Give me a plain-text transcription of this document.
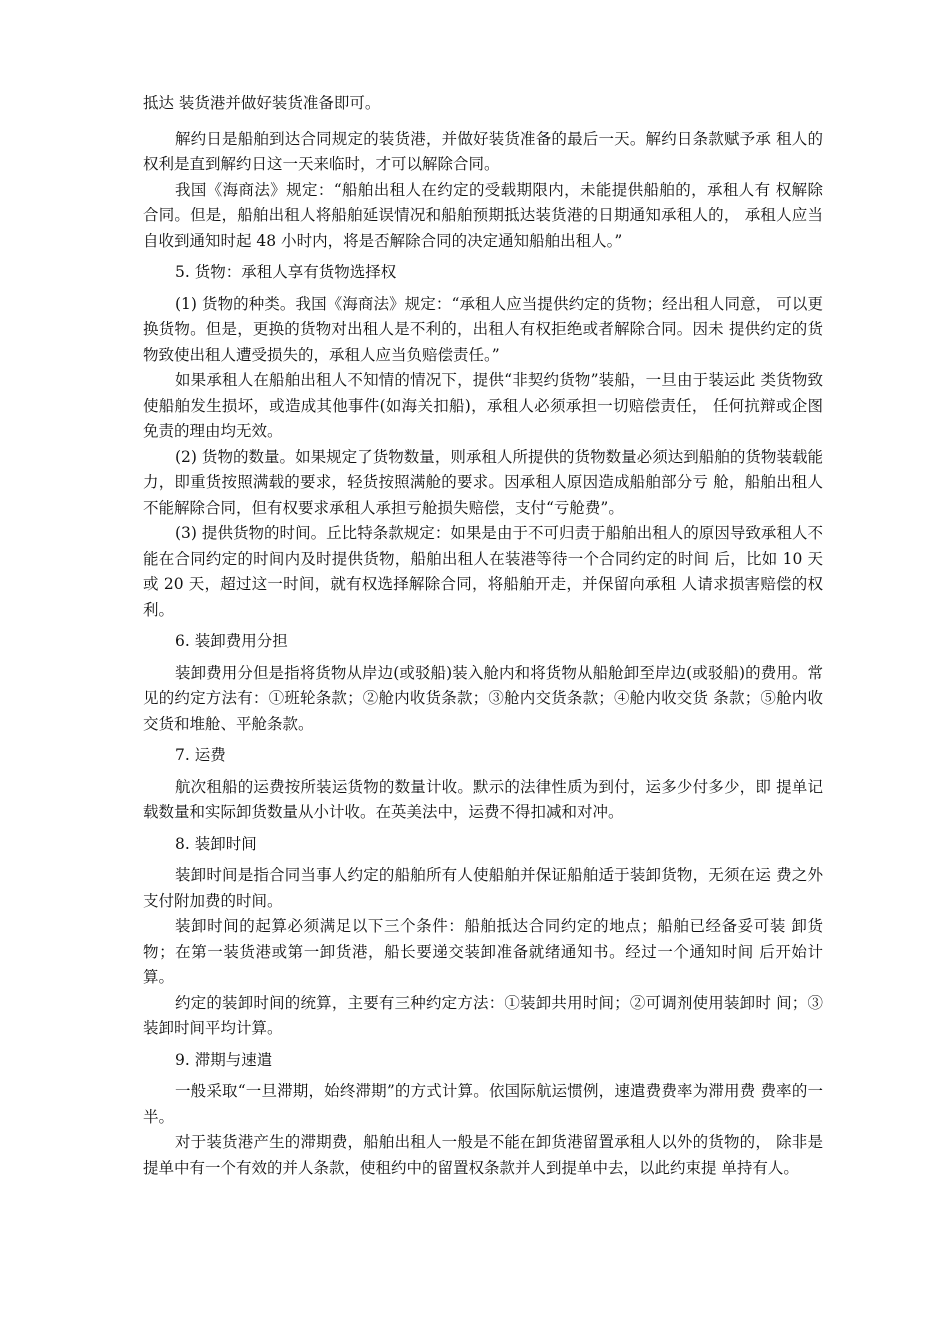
抵达 装货港并做好装货准备即可。

解约日是船舶到达合同规定的装货港，并做好装货准备的最后一天。解约日条款赋予承 租人的权利是直到解约日这一天来临时，才可以解除合同。

我国《海商法》规定：“船舶出租人在约定的受载期限内，未能提供船舶的，承租人有 权解除合同。但是，船舶出租人将船舶延误情况和船舶预期抵达装货港的日期通知承租人的， 承租人应当自收到通知时起 48 小时内，将是否解除合同的决定通知船舶出租人。”

5. 货物：承租人享有货物选择权

(1) 货物的种类。我国《海商法》规定：“承租人应当提供约定的货物；经出租人同意， 可以更换货物。但是，更换的货物对出租人是不利的，出租人有权拒绝或者解除合同。因未 提供约定的货物致使出租人遭受损失的，承租人应当负赔偿责任。”

如果承租人在船舶出租人不知情的情况下，提供“非契约货物”装船，一旦由于装运此 类货物致使船舶发生损坏，或造成其他事件(如海关扣船)，承租人必须承担一切赔偿责任， 任何抗辩或企图免责的理由均无效。

(2) 货物的数量。如果规定了货物数量，则承租人所提供的货物数量必须达到船舶的货物装载能力，即重货按照满载的要求，轻货按照满舱的要求。因承租人原因造成船舶部分亏 舱，船舶出租人不能解除合同，但有权要求承租人承担亏舱损失赔偿，支付“亏舱费”。

(3) 提供货物的时间。丘比特条款规定：如果是由于不可归责于船舶出租人的原因导致承租人不能在合同约定的时间内及时提供货物，船舶出租人在装港等待一个合同约定的时间 后，比如 10 天或 20 天，超过这一时间，就有权选择解除合同，将船舶开走，并保留向承租 人请求损害赔偿的权利。

6. 装卸费用分担

装卸费用分但是指将货物从岸边(或驳船)装入舱内和将货物从船舱卸至岸边(或驳船)的费用。常见的约定方法有：①班轮条款；②舱内收货条款；③舱内交货条款；④舱内收交货 条款；⑤舱内收交货和堆舱、平舱条款。

7. 运费

航次租船的运费按所装运货物的数量计收。默示的法律性质为到付，运多少付多少，即 提单记载数量和实际卸货数量从小计收。在英美法中，运费不得扣减和对冲。

8. 装卸时间

装卸时间是指合同当事人约定的船舶所有人使船舶并保证船舶适于装卸货物，无须在运 费之外支付附加费的时间。

装卸时间的起算必须满足以下三个条件：船舶抵达合同约定的地点；船舶已经备妥可装 卸货物；在第一装货港或第一卸货港，船长要递交装卸准备就绪通知书。经过一个通知时间 后开始计算。

约定的装卸时间的统算，主要有三种约定方法：①装卸共用时间；②可调剂使用装卸时 间；③装卸时间平均计算。

9. 滞期与速遣

一般采取“一旦滞期，始终滞期”的方式计算。依国际航运惯例，速遣费费率为滞用费 费率的一半。

对于装货港产生的滞期费，船舶出租人一般是不能在卸货港留置承租人以外的货物的， 除非是提单中有一个有效的并人条款，使租约中的留置权条款并人到提单中去，以此约束提 单持有人。
